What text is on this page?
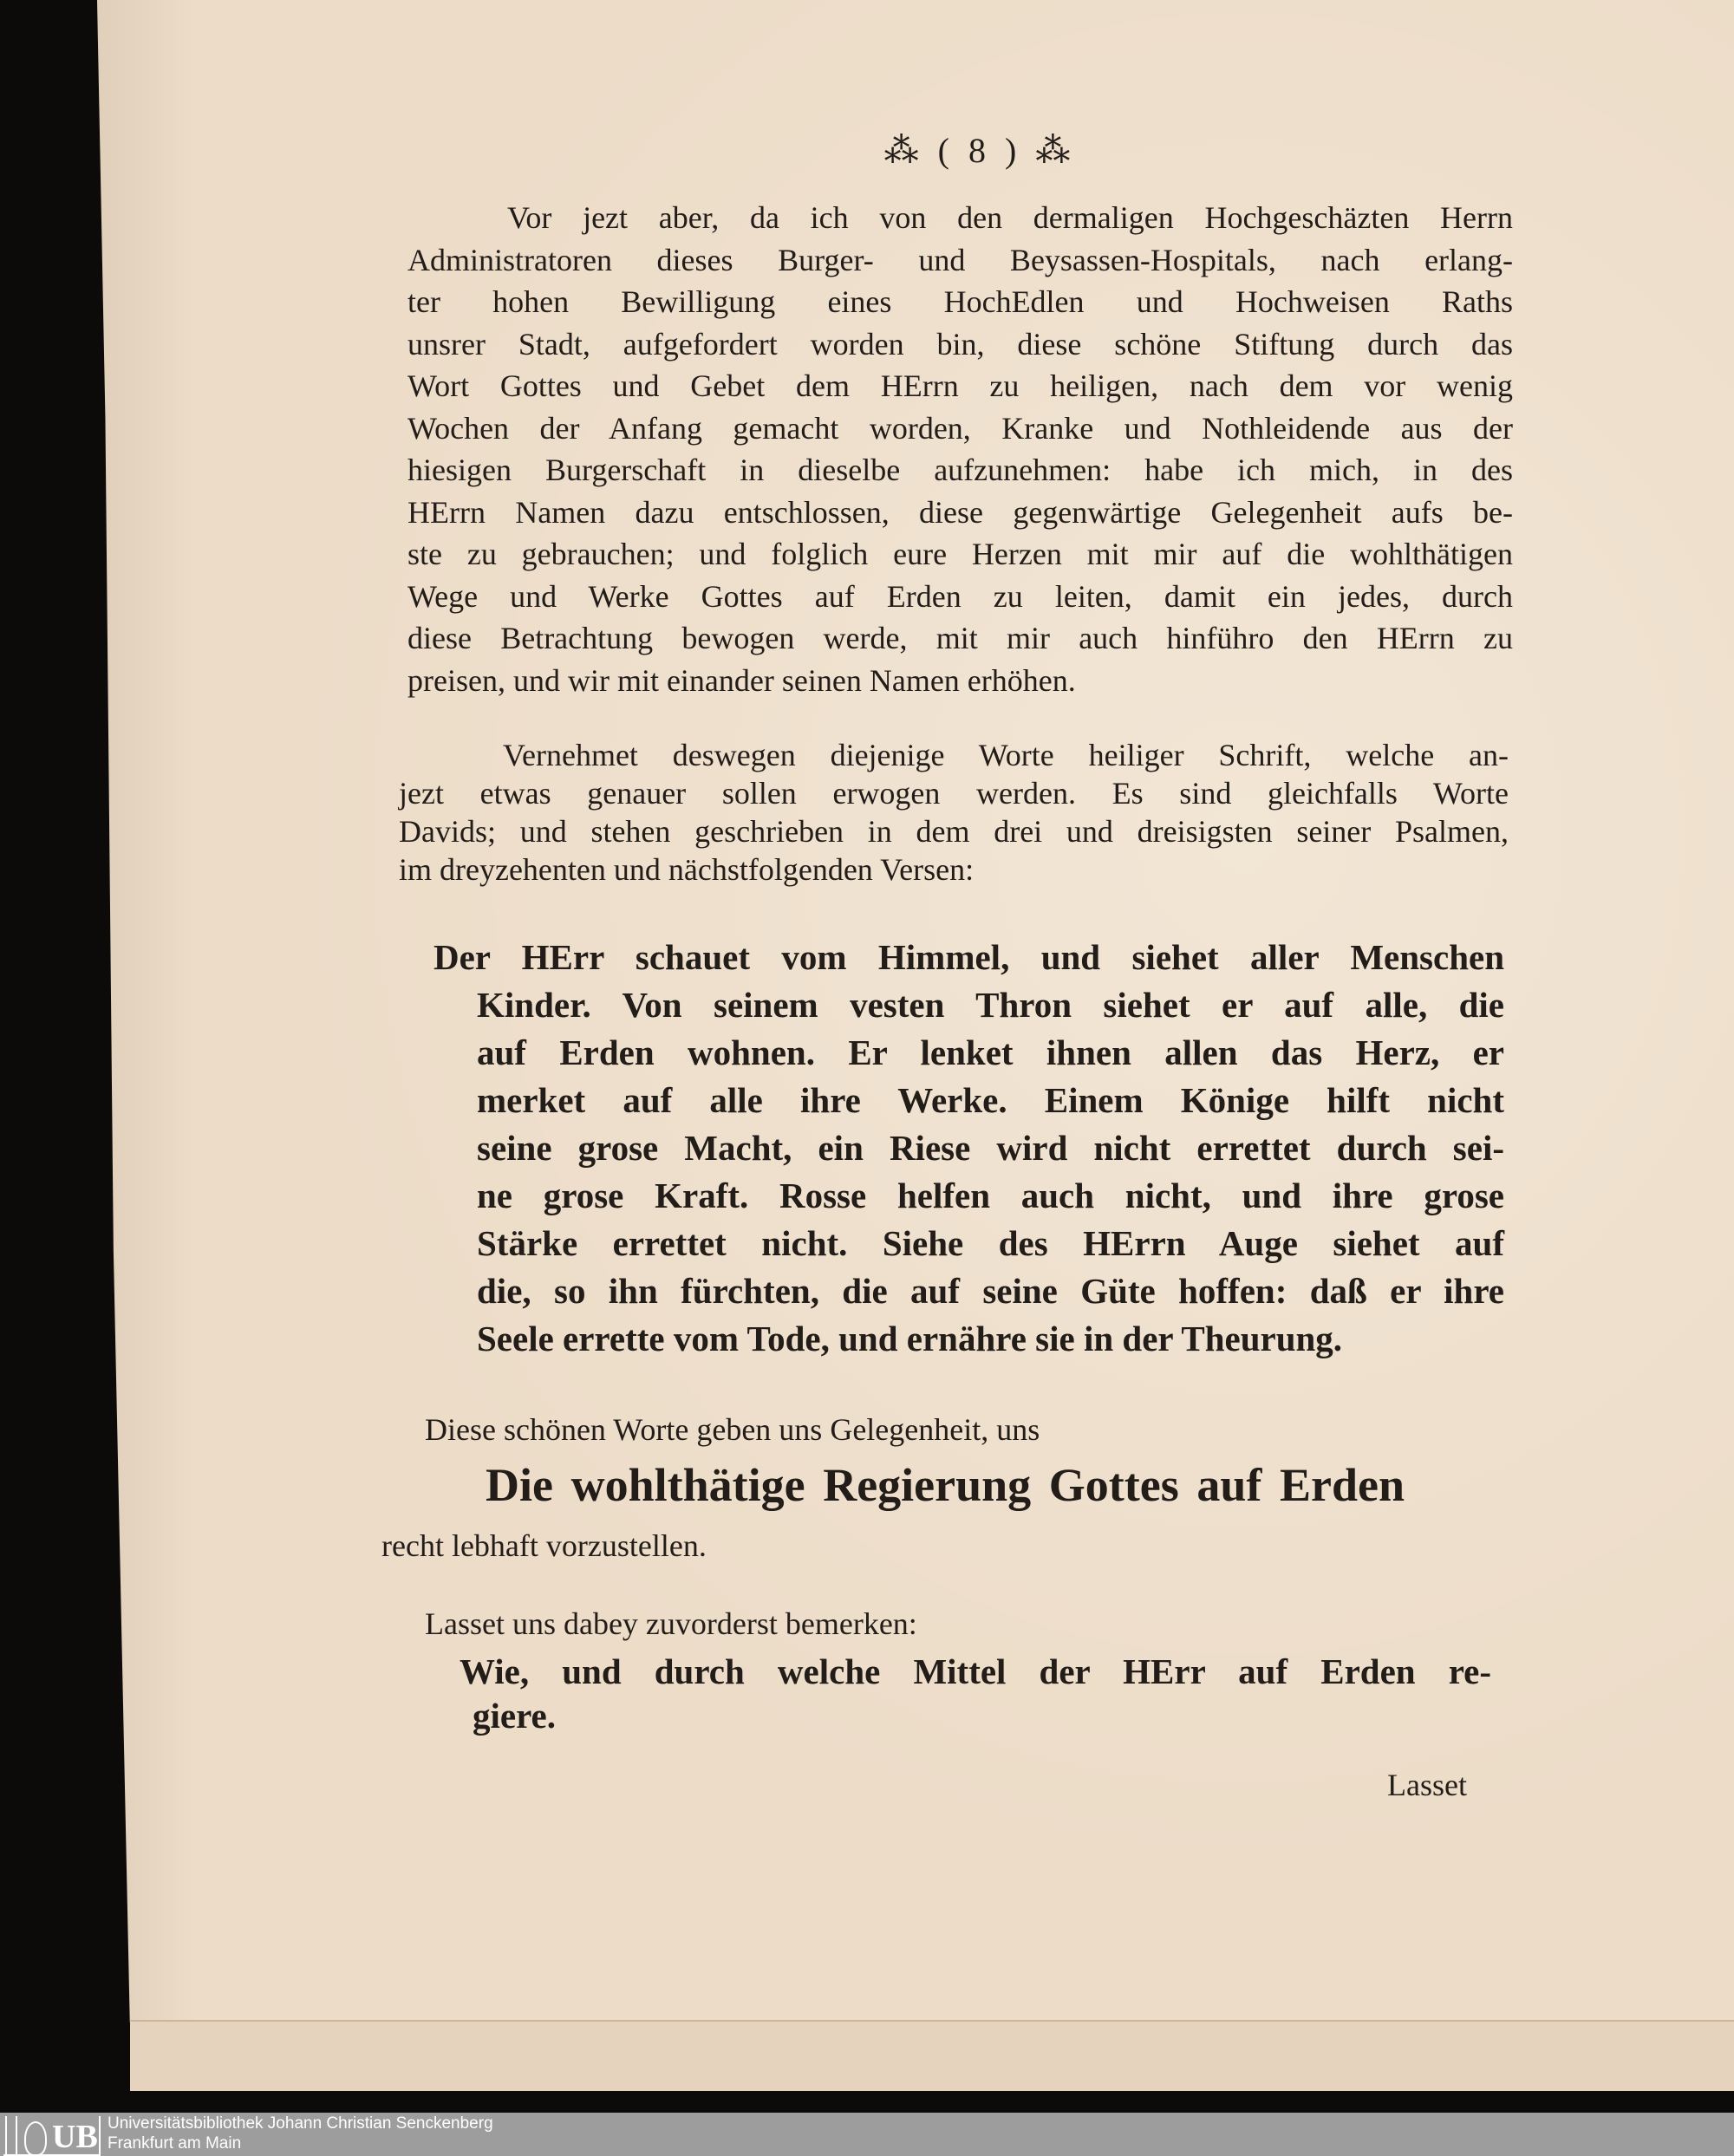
⁂ ( 8 ) ⁂
Vor jezt aber, da ich von den dermaligen Hochgeschäzten Herrn
Administratoren dieses Burger- und Beysassen-Hospitals, nach erlang-
ter hohen Bewilligung eines HochEdlen und Hochweisen Raths
unsrer Stadt, aufgefordert worden bin, diese schöne Stiftung durch das
Wort Gottes und Gebet dem HErrn zu heiligen, nach dem vor wenig
Wochen der Anfang gemacht worden, Kranke und Nothleidende aus der
hiesigen Burgerschaft in dieselbe aufzunehmen: habe ich mich, in des
HErrn Namen dazu entschlossen, diese gegenwärtige Gelegenheit aufs be-
ste zu gebrauchen; und folglich eure Herzen mit mir auf die wohlthätigen
Wege und Werke Gottes auf Erden zu leiten, damit ein jedes, durch
diese Betrachtung bewogen werde, mit mir auch hinführo den HErrn zu
preisen, und wir mit einander seinen Namen erhöhen.
Vernehmet deswegen diejenige Worte heiliger Schrift, welche an-
jezt etwas genauer sollen erwogen werden. Es sind gleichfalls Worte
Davids; und stehen geschrieben in dem drei und dreisigsten seiner Psalmen,
im dreyzehenten und nächstfolgenden Versen:
Der HErr schauet vom Himmel, und siehet aller Menschen
Kinder. Von seinem vesten Thron siehet er auf alle, die
auf Erden wohnen. Er lenket ihnen allen das Herz, er
merket auf alle ihre Werke. Einem Könige hilft nicht
seine grose Macht, ein Riese wird nicht errettet durch sei-
ne grose Kraft. Rosse helfen auch nicht, und ihre grose
Stärke errettet nicht. Siehe des HErrn Auge siehet auf
die, so ihn fürchten, die auf seine Güte hoffen: daß er ihre
Seele errette vom Tode, und ernähre sie in der Theurung.
Diese schönen Worte geben uns Gelegenheit, uns
Die wohlthätige Regierung Gottes auf Erden
recht lebhaft vorzustellen.
Lasset uns dabey zuvorderst bemerken:
Wie, und durch welche Mittel der HErr auf Erden re-
giere.
Lasset
UB Universitätsbibliothek Johann Christian Senckenberg
Frankfurt am Main
